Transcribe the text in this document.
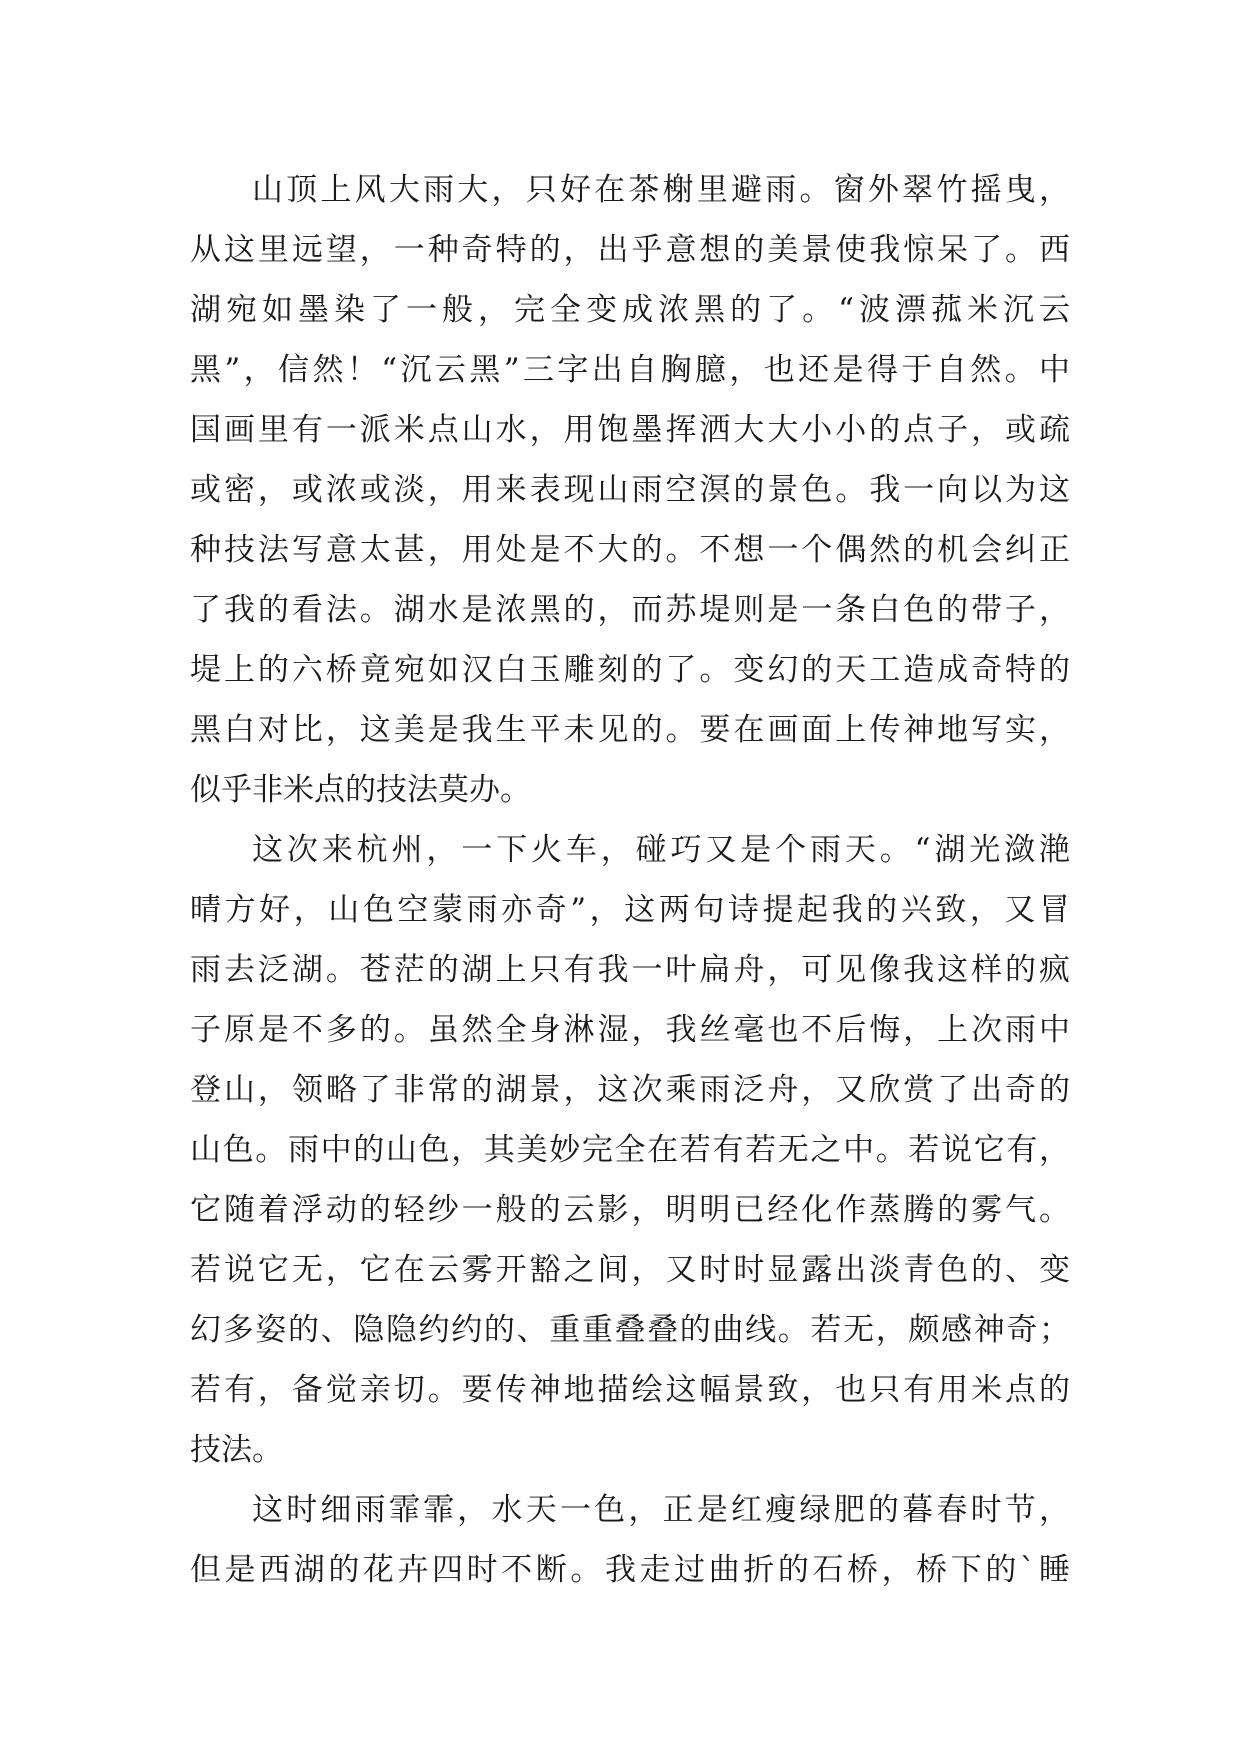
山顶上风大雨大，只好在茶榭里避雨。窗外翠竹摇曳，
从这里远望，一种奇特的，出乎意想的美景使我惊呆了。西
湖宛如墨染了一般，完全变成浓黑的了。“波漂菰米沉云
黑”，信然！“沉云黑”三字出自胸臆，也还是得于自然。中
国画里有一派米点山水，用饱墨挥洒大大小小的点子，或疏
或密，或浓或淡，用来表现山雨空溟的景色。我一向以为这
种技法写意太甚，用处是不大的。不想一个偶然的机会纠正
了我的看法。湖水是浓黑的，而苏堤则是一条白色的带子，
堤上的六桥竟宛如汉白玉雕刻的了。变幻的天工造成奇特的
黑白对比，这美是我生平未见的。要在画面上传神地写实，
似乎非米点的技法莫办。
这次来杭州，一下火车，碰巧又是个雨天。“湖光潋滟
晴方好，山色空蒙雨亦奇”，这两句诗提起我的兴致，又冒
雨去泛湖。苍茫的湖上只有我一叶扁舟，可见像我这样的疯
子原是不多的。虽然全身淋湿，我丝毫也不后悔，上次雨中
登山，领略了非常的湖景，这次乘雨泛舟，又欣赏了出奇的
山色。雨中的山色，其美妙完全在若有若无之中。若说它有，
它随着浮动的轻纱一般的云影，明明已经化作蒸腾的雾气。
若说它无，它在云雾开豁之间，又时时显露出淡青色的、变
幻多姿的、隐隐约约的、重重叠叠的曲线。若无，颇感神奇；
若有，备觉亲切。要传神地描绘这幅景致，也只有用米点的
技法。
这时细雨霏霏，水天一色，正是红瘦绿肥的暮春时节，
但是西湖的花卉四时不断。我走过曲折的石桥，桥下的`睡
